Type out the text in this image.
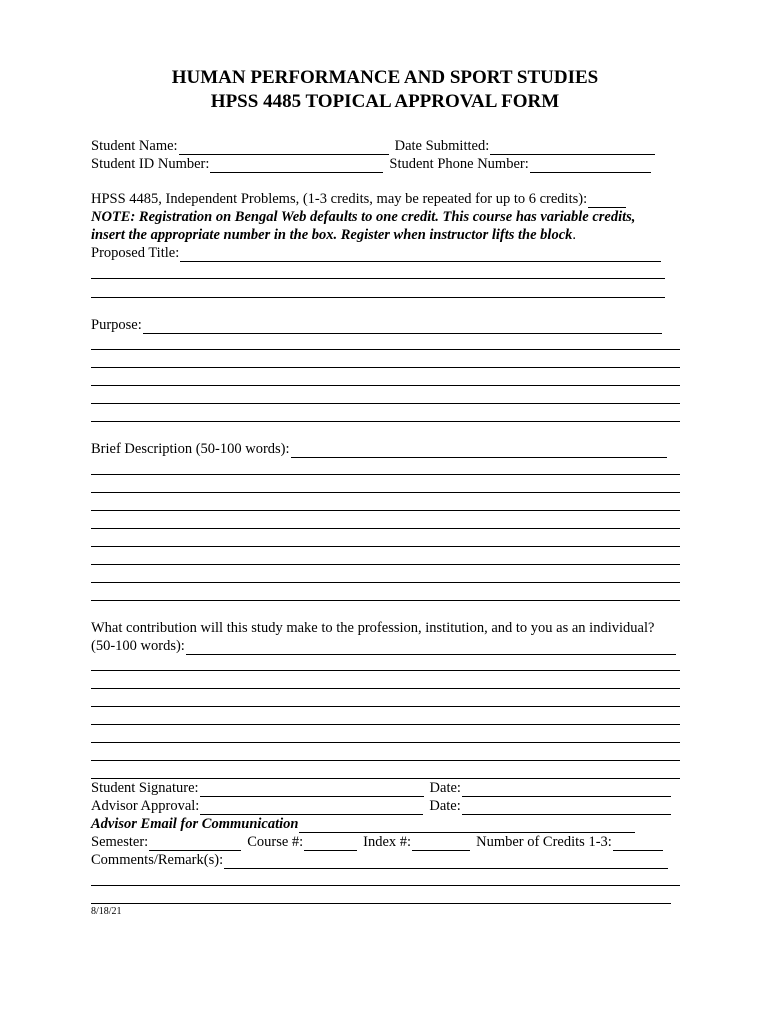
HUMAN PERFORMANCE AND SPORT STUDIES
HPSS 4485 TOPICAL APPROVAL FORM
Student Name:	Date Submitted:
Student ID Number:	Student Phone Number:
HPSS 4485, Independent Problems, (1-3 credits, may be repeated for up to 6 credits):
NOTE: Registration on Bengal Web defaults to one credit. This course has variable credits,
insert the appropriate number in the box. Register when instructor lifts the block .
Proposed Title:
Purpose:
Brief Description (50-100 words):
What contribution will this study make to the profession, institution, and to you as an individual?
(50-100 words):
Student Signature:	Date:
Advisor Approval:	Date:
Advisor Email for Communication
Semester:	Course #:	Index #:	Number of Credits 1-3:
Comments/Remark(s):
8/18/21
